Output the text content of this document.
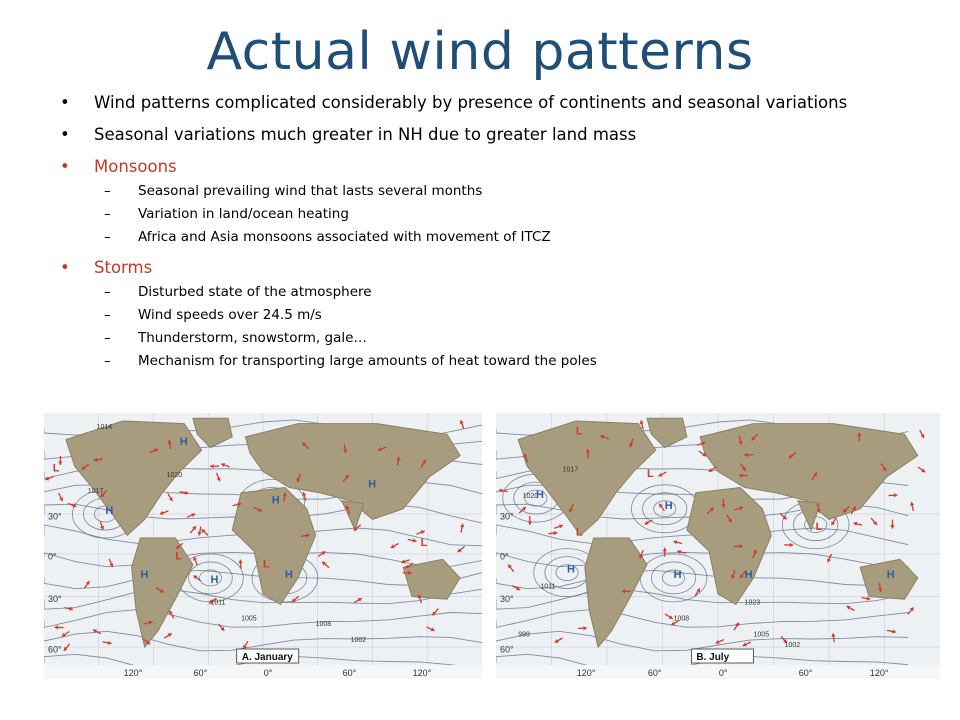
Actual wind patterns
• Wind patterns complicated considerably by presence of continents and seasonal variations
• Seasonal variations much greater in NH due to greater land mass
• Monsoons
– Seasonal prevailing wind that lasts several months
– Variation in land/ocean heating
– Africa and Asia monsoons associated with movement of ITCZ
• Storms
– Disturbed state of the atmosphere
– Wind speeds over 24.5 m/s
– Thunderstorm, snowstorm, gale…
– Mechanism for transporting large amounts of heat toward the poles
1014
1020
1017
1011
1005
1008
1002
H
H
H
H
L
L
L
H
L
H	H
30°
0°
30°
60°
120°	60°	0°	60°	120°
A. January
1020
1017
1023
1011
1008
1005
1002
999
L
H
H
L
L
H	H	H
L
H
30°
0°
30°
60°
120°	60°	0°	60°	120°
B. July
